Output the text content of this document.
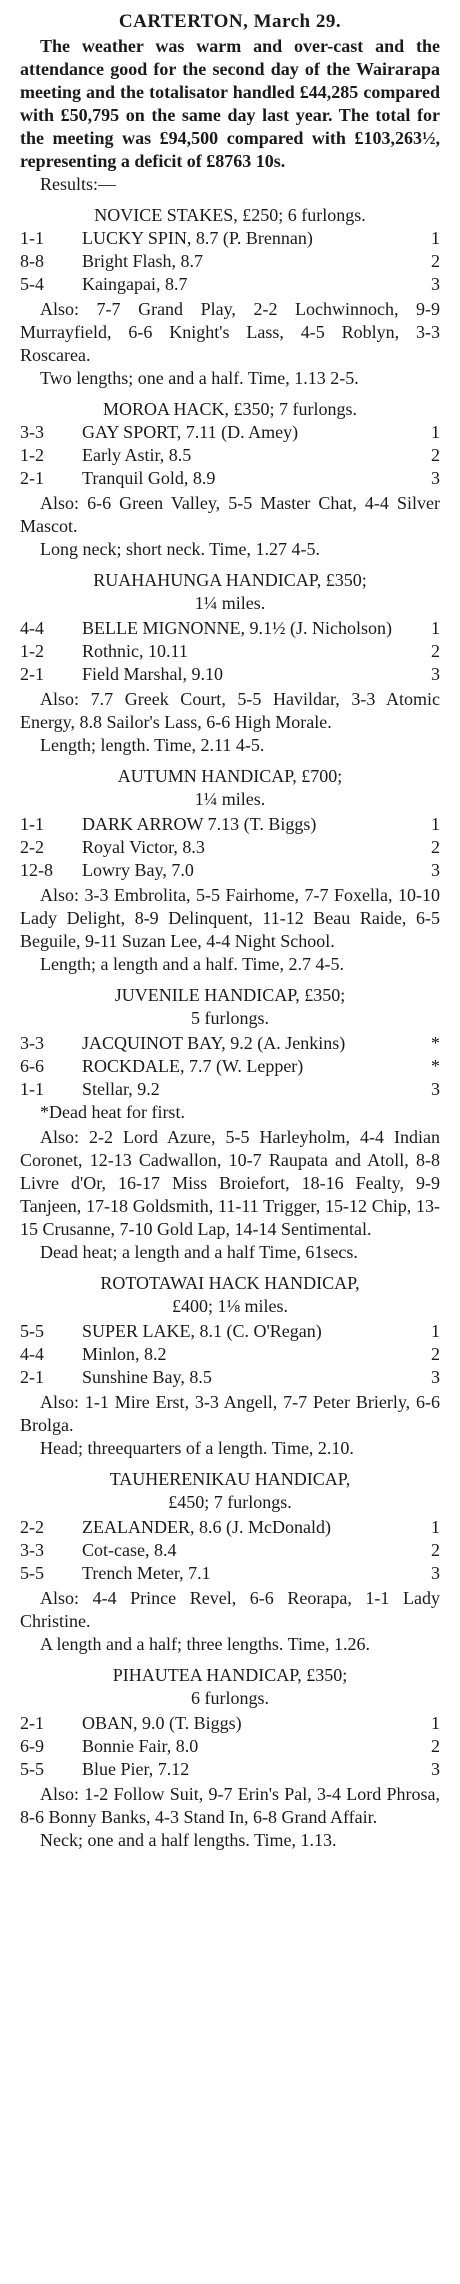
CARTERTON, March 29.

The weather was warm and over-cast and the attendance good for the second day of the Wairarapa meeting and the totalisator handled £44,285 compared with £50,795 on the same day last year. The total for the meeting was £94,500 compared with £103,263½, representing a deficit of £8763 10s.

Results:—

NOVICE STAKES, £250; 6 furlongs.
1-1	LUCKY SPIN, 8.7 (P. Brennan)	1
8-8	Bright Flash, 8.7	2
5-4	Kaingapai, 8.7	3

Also: 7-7 Grand Play, 2-2 Lochwinnoch, 9-9 Murrayfield, 6-6 Knight's Lass, 4-5 Roblyn, 3-3 Roscarea.

Two lengths; one and a half. Time, 1.13 2-5.

MOROA HACK, £350; 7 furlongs.
3-3	GAY SPORT, 7.11 (D. Amey)	1
1-2	Early Astir, 8.5	2
2-1	Tranquil Gold, 8.9	3

Also: 6-6 Green Valley, 5-5 Master Chat, 4-4 Silver Mascot.

Long neck; short neck. Time, 1.27 4-5.

RUAHAHUNGA HANDICAP, £350;
1¼ miles.
4-4	BELLE MIGNONNE, 9.1½ (J. Nicholson)	1
1-2	Rothnic, 10.11	2
2-1	Field Marshal, 9.10	3

Also: 7.7 Greek Court, 5-5 Havildar, 3-3 Atomic Energy, 8.8 Sailor's Lass, 6-6 High Morale.

Length; length. Time, 2.11 4-5.

AUTUMN HANDICAP, £700;
1¼ miles.
1-1	DARK ARROW 7.13 (T. Biggs)	1
2-2	Royal Victor, 8.3	2
12-8	Lowry Bay, 7.0	3

Also: 3-3 Embrolita, 5-5 Fairhome, 7-7 Foxella, 10-10 Lady Delight, 8-9 Delinquent, 11-12 Beau Raide, 6-5 Beguile, 9-11 Suzan Lee, 4-4 Night School.

Length; a length and a half. Time, 2.7 4-5.

JUVENILE HANDICAP, £350;
5 furlongs.
3-3	JACQUINOT BAY, 9.2 (A. Jenkins)	*
6-6	ROCKDALE, 7.7 (W. Lepper)	*
1-1	Stellar, 9.2	3

*Dead heat for first.

Also: 2-2 Lord Azure, 5-5 Harleyholm, 4-4 Indian Coronet, 12-13 Cadwallon, 10-7 Raupata and Atoll, 8-8 Livre d'Or, 16-17 Miss Broiefort, 18-16 Fealty, 9-9 Tanjeen, 17-18 Goldsmith, 11-11 Trigger, 15-12 Chip, 13-15 Crusanne, 7-10 Gold Lap, 14-14 Sentimental.

Dead heat; a length and a half Time, 61secs.

ROTOTAWAI HACK HANDICAP,
£400; 1⅛ miles.
5-5	SUPER LAKE, 8.1 (C. O'Regan)	1
4-4	Minlon, 8.2	2
2-1	Sunshine Bay, 8.5	3

Also: 1-1 Mire Erst, 3-3 Angell, 7-7 Peter Brierly, 6-6 Brolga.

Head; threequarters of a length. Time, 2.10.

TAUHERENIKAU HANDICAP,
£450; 7 furlongs.
2-2	ZEALANDER, 8.6 (J. McDonald)	1
3-3	Cot-case, 8.4	2
5-5	Trench Meter, 7.1	3

Also: 4-4 Prince Revel, 6-6 Reorapa, 1-1 Lady Christine.

A length and a half; three lengths. Time, 1.26.

PIHAUTEA HANDICAP, £350;
6 furlongs.
2-1	OBAN, 9.0 (T. Biggs)	1
6-9	Bonnie Fair, 8.0	2
5-5	Blue Pier, 7.12	3

Also: 1-2 Follow Suit, 9-7 Erin's Pal, 3-4 Lord Phrosa, 8-6 Bonny Banks, 4-3 Stand In, 6-8 Grand Affair.

Neck; one and a half lengths. Time, 1.13.
